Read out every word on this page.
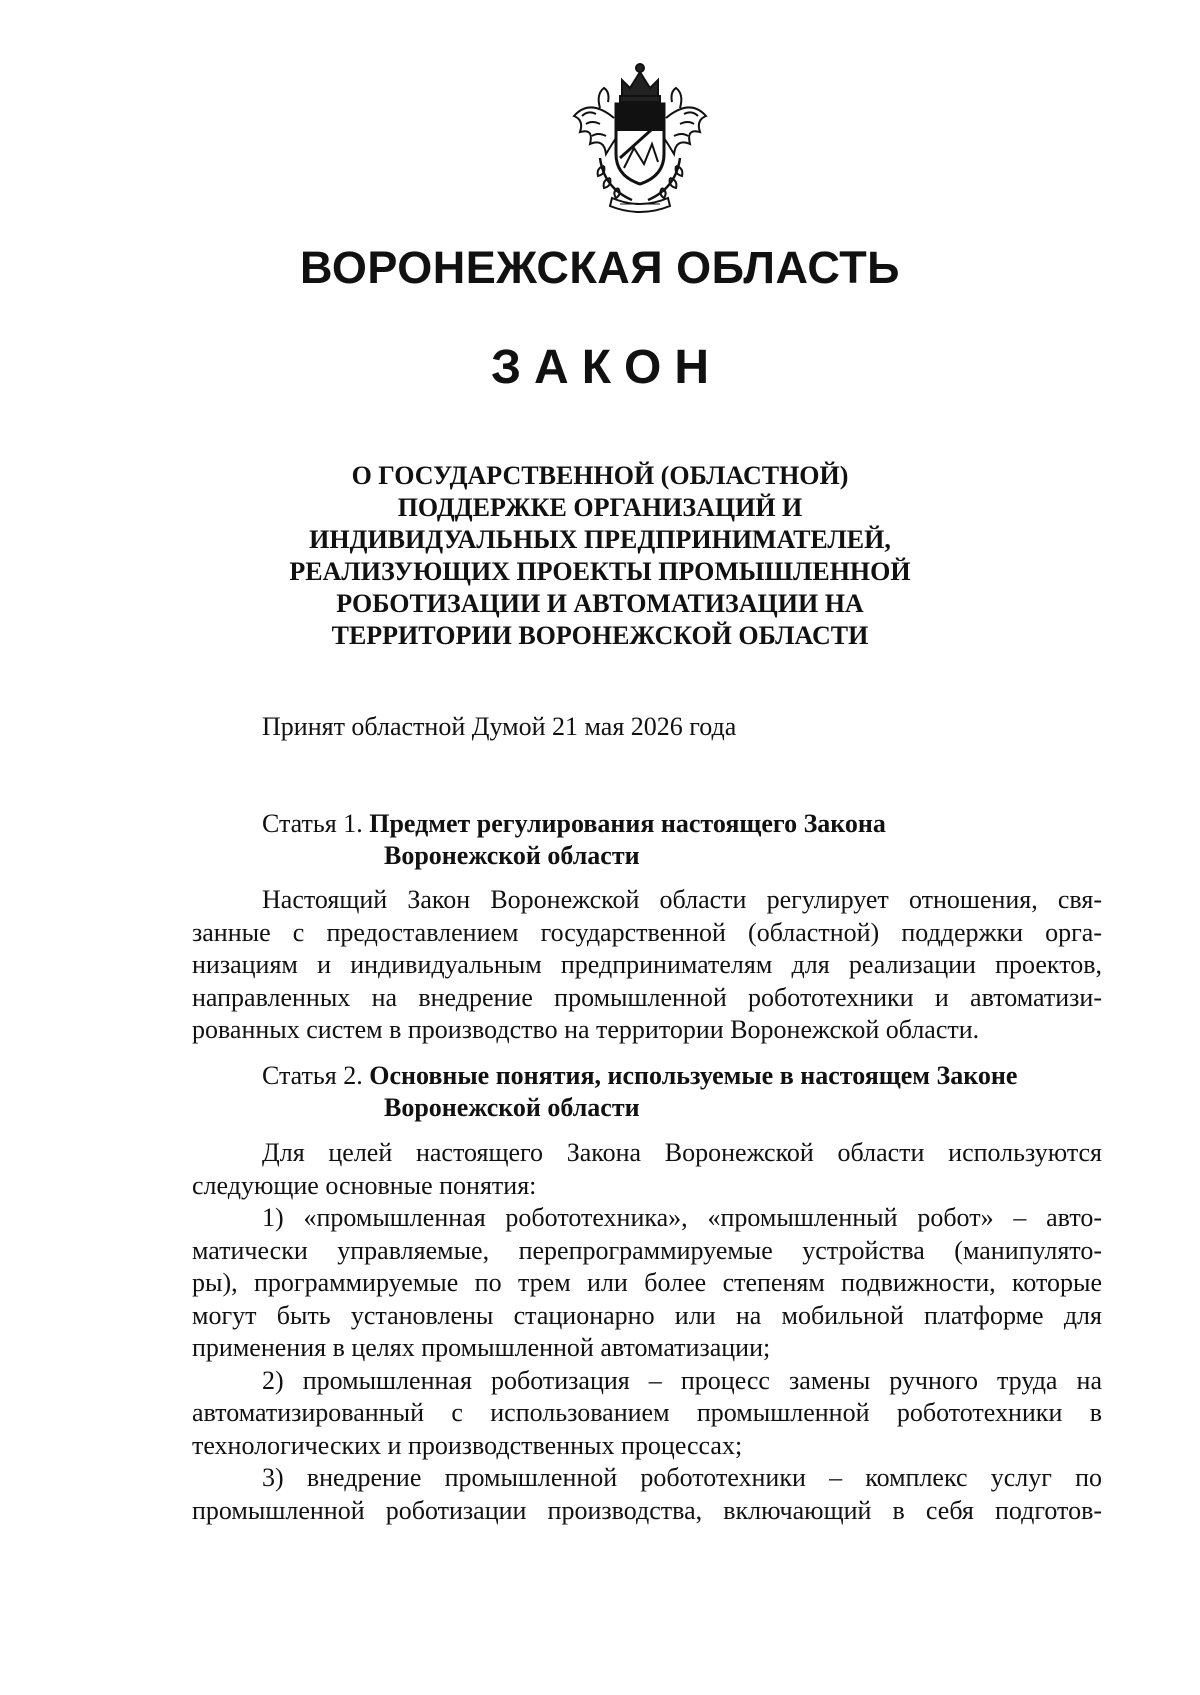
ВОРОНЕЖСКАЯ ОБЛАСТЬ
ЗАКОН
О ГОСУДАРСТВЕННОЙ (ОБЛАСТНОЙ)
ПОДДЕРЖКЕ ОРГАНИЗАЦИЙ И
ИНДИВИДУАЛЬНЫХ ПРЕДПРИНИМАТЕЛЕЙ,
РЕАЛИЗУЮЩИХ ПРОЕКТЫ ПРОМЫШЛЕННОЙ
РОБОТИЗАЦИИ И АВТОМАТИЗАЦИИ НА
ТЕРРИТОРИИ ВОРОНЕЖСКОЙ ОБЛАСТИ
Принят областной Думой 21 мая 2026 года
Статья 1. Предмет регулирования настоящего Закона
Воронежской области
Настоящий Закон Воронежской области регулирует отношения, свя-
занные с предоставлением государственной (областной) поддержки орга-
низациям и индивидуальным предпринимателям для реализации проектов,
направленных на внедрение промышленной робототехники и автоматизи-
рованных систем в производство на территории Воронежской области.
Статья 2. Основные понятия, используемые в настоящем Законе
Воронежской области
Для целей настоящего Закона Воронежской области используются
следующие основные понятия:
1) «промышленная робототехника», «промышленный робот» – авто-
матически управляемые, перепрограммируемые устройства (манипулято-
ры), программируемые по трем или более степеням подвижности, которые
могут быть установлены стационарно или на мобильной платформе для
применения в целях промышленной автоматизации;
2) промышленная роботизация – процесс замены ручного труда на
автоматизированный с использованием промышленной робототехники в
технологических и производственных процессах;
3) внедрение промышленной робототехники – комплекс услуг по
промышленной роботизации производства, включающий в себя подготов-
